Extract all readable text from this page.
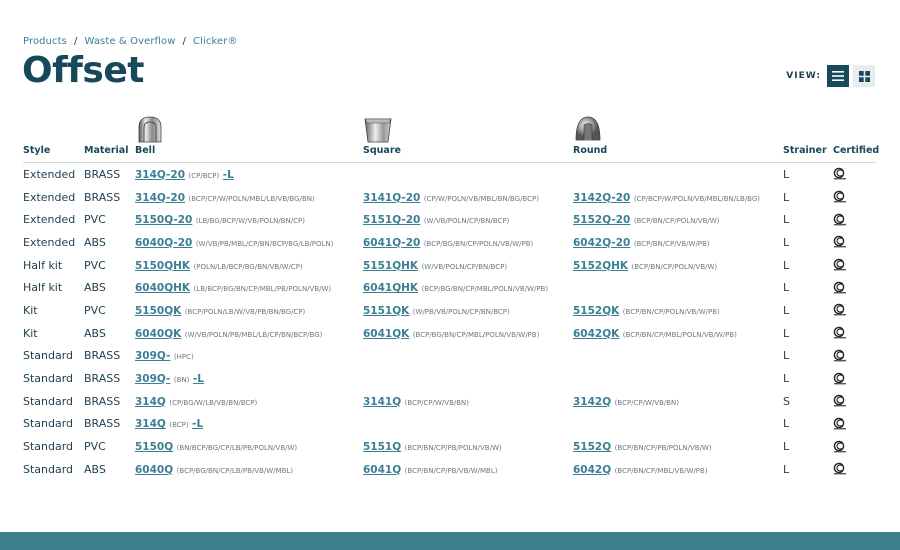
Products / Waste & Overflow / Clicker®
Offset	VIEW:
Style	Material	Bell	Square	Round	Strainer	Certified
Extended	BRASS	314Q-20 (CP/BCP) -L			L	

Extended	BRASS	314Q-20 (BCP/CP/W/POLN/MBL/LB/VB/BG/BN)	3141Q-20 (CP/W/POLN/VB/MBL/BN/BG/BCP)	3142Q-20 (CP/BCP/W/POLN/VB/MBL/BN/LB/BG)	L	

Extended	PVC	5150Q-20 (LB/BG/BCP/W/VB/POLN/BN/CP)	5151Q-20 (W/VB/POLN/CP/BN/BCP)	5152Q-20 (BCP/BN/CP/POLN/VB/W)	L	

Extended	ABS	6040Q-20 (W/VB/PB/MBL/CP/BN/BCP/BG/LB/POLN)	6041Q-20 (BCP/BG/BN/CP/POLN/VB/W/PB)	6042Q-20 (BCP/BN/CP/VB/W/PB)	L	

Half kit	PVC	5150QHK (POLN/LB/BCP/BG/BN/VB/W/CP)	5151QHK (W/VB/POLN/CP/BN/BCP)	5152QHK (BCP/BN/CP/POLN/VB/W)	L	

Half kit	ABS	6040QHK (LB/BCP/BG/BN/CP/MBL/PB/POLN/VB/W)	6041QHK (BCP/BG/BN/CP/MBL/POLN/VB/W/PB)		L	

Kit	PVC	5150QK (BCP/POLN/LB/W/VB/PB/BN/BG/CP)	5151QK (W/PB/VB/POLN/CP/BN/BCP)	5152QK (BCP/BN/CP/POLN/VB/W/PB)	L	

Kit	ABS	6040QK (W/VB/POLN/PB/MBL/LB/CP/BN/BCP/BG)	6041QK (BCP/BG/BN/CP/MBL/POLN/VB/W/PB)	6042QK (BCP/BN/CP/MBL/POLN/VB/W/PB)	L	

Standard	BRASS	309Q- (HPC)			L	

Standard	BRASS	309Q- (BN) -L			L	

Standard	BRASS	314Q (CP/BG/W/LB/VB/BN/BCP)	3141Q (BCP/CP/W/VB/BN)	3142Q (BCP/CP/W/VB/BN)	S	

Standard	BRASS	314Q (BCP) -L			L	

Standard	PVC	5150Q (BN/BCP/BG/CP/LB/PB/POLN/VB/W)	5151Q (BCP/BN/CP/PB/POLN/VB/W)	5152Q (BCP/BN/CP/PB/POLN/VB/W)	L	

Standard	ABS	6040Q (BCP/BG/BN/CP/LB/PB/VB/W/MBL)	6041Q (BCP/BN/CP/PB/VB/W/MBL)	6042Q (BCP/BN/CP/MBL/VB/W/PB)	L	
